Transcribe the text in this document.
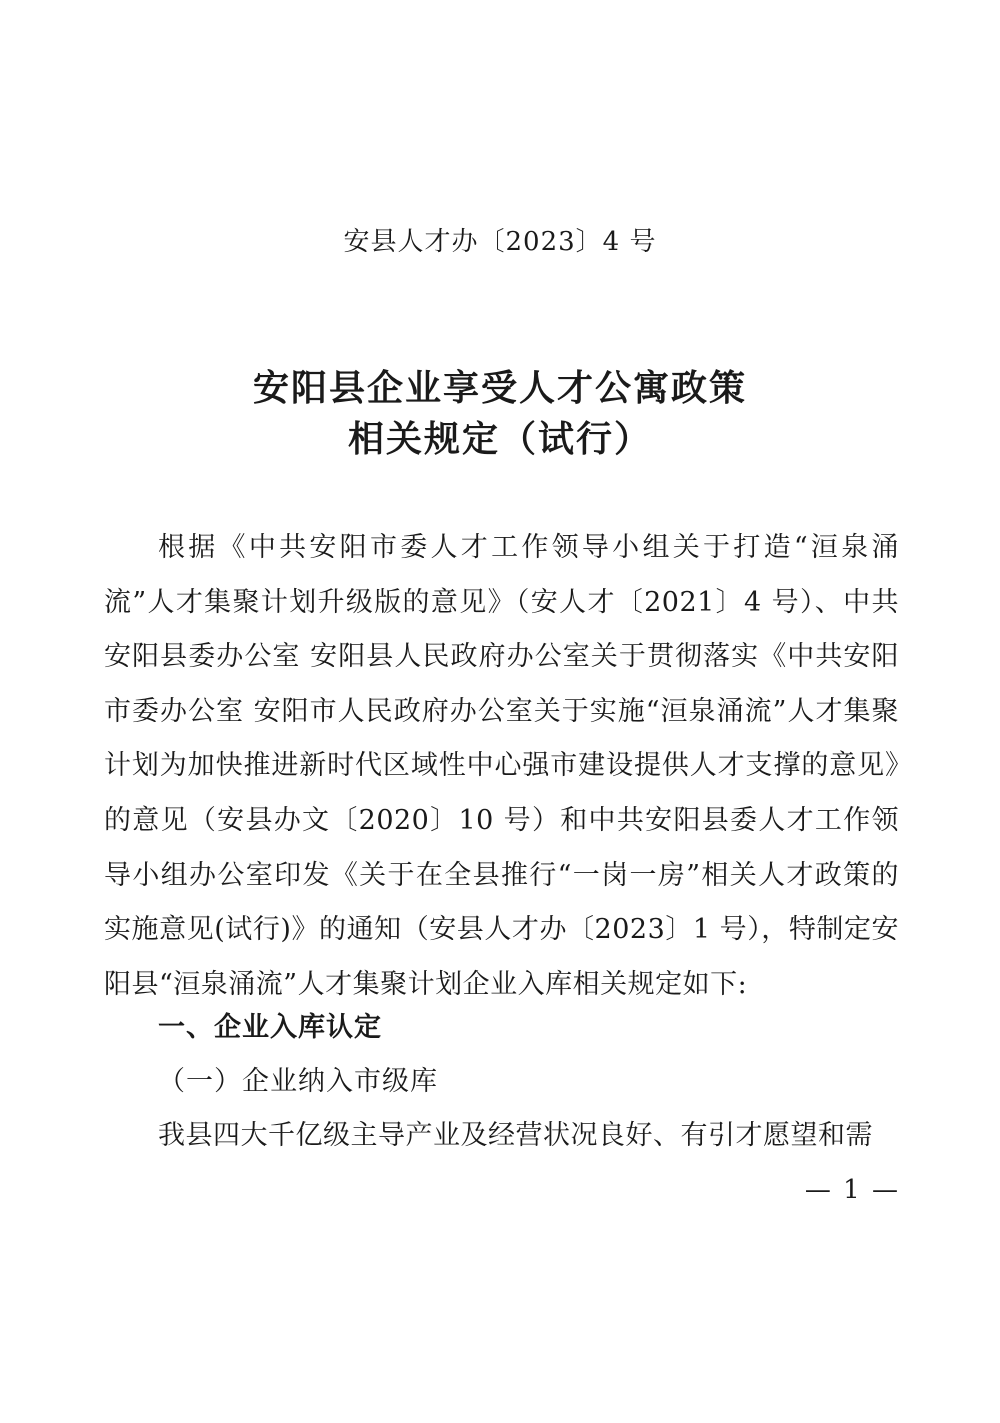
安县人才办〔2023〕4 号
安阳县企业享受人才公寓政策
相关规定（试行）

根据《中共安阳市委人才工作领导小组关于打造“洹泉涌流”人才集聚计划升级版的意见》（安人才〔2021〕4 号）、中共安阳县委办公室 安阳县人民政府办公室关于贯彻落实《中共安阳市委办公室 安阳市人民政府办公室关于实施“洹泉涌流”人才集聚计划为加快推进新时代区域性中心强市建设提供人才支撑的意见》的意见（安县办文〔2020〕10 号）和中共安阳县委人才工作领导小组办公室印发《关于在全县推行“一岗一房”相关人才政策的实施意见(试行)》的通知（安县人才办〔2023〕1 号），特制定安阳县“洹泉涌流”人才集聚计划企业入库相关规定如下:

一、企业入库认定
（一）企业纳入市级库
我县四大千亿级主导产业及经营状况良好、有引才愿望和需
— 1 —
